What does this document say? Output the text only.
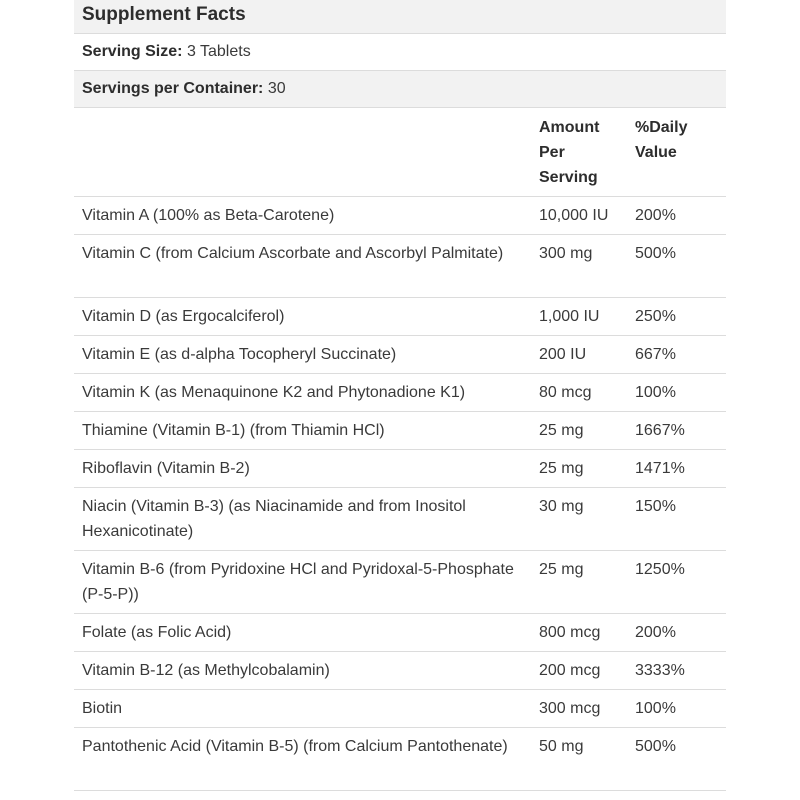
Supplement Facts		
Serving Size: 3 Tablets		
Servings per Container: 30		

	Amount Per Serving	%Daily Value

Vitamin A (100% as Beta-Carotene)	10,000 IU	200%
Vitamin C (from Calcium Ascorbate and Ascorbyl Palmitate)	300 mg	500%
Vitamin D (as Ergocalciferol)	1,000 IU	250%
Vitamin E (as d-alpha Tocopheryl Succinate)	200 IU	667%
Vitamin K (as Menaquinone K2 and Phytonadione K1)	80 mcg	100%
Thiamine (Vitamin B-1) (from Thiamin HCl)	25 mg	1667%
Riboflavin (Vitamin B-2)	25 mg	1471%
Niacin (Vitamin B-3) (as Niacinamide and from Inositol Hexanicotinate)	30 mg	150%
Vitamin B-6 (from Pyridoxine HCl and Pyridoxal-5-Phosphate (P-5-P))	25 mg	1250%
Folate (as Folic Acid)	800 mcg	200%
Vitamin B-12 (as Methylcobalamin)	200 mcg	3333%
Biotin	300 mcg	100%
Pantothenic Acid (Vitamin B-5) (from Calcium Pantothenate)	50 mg	500%
